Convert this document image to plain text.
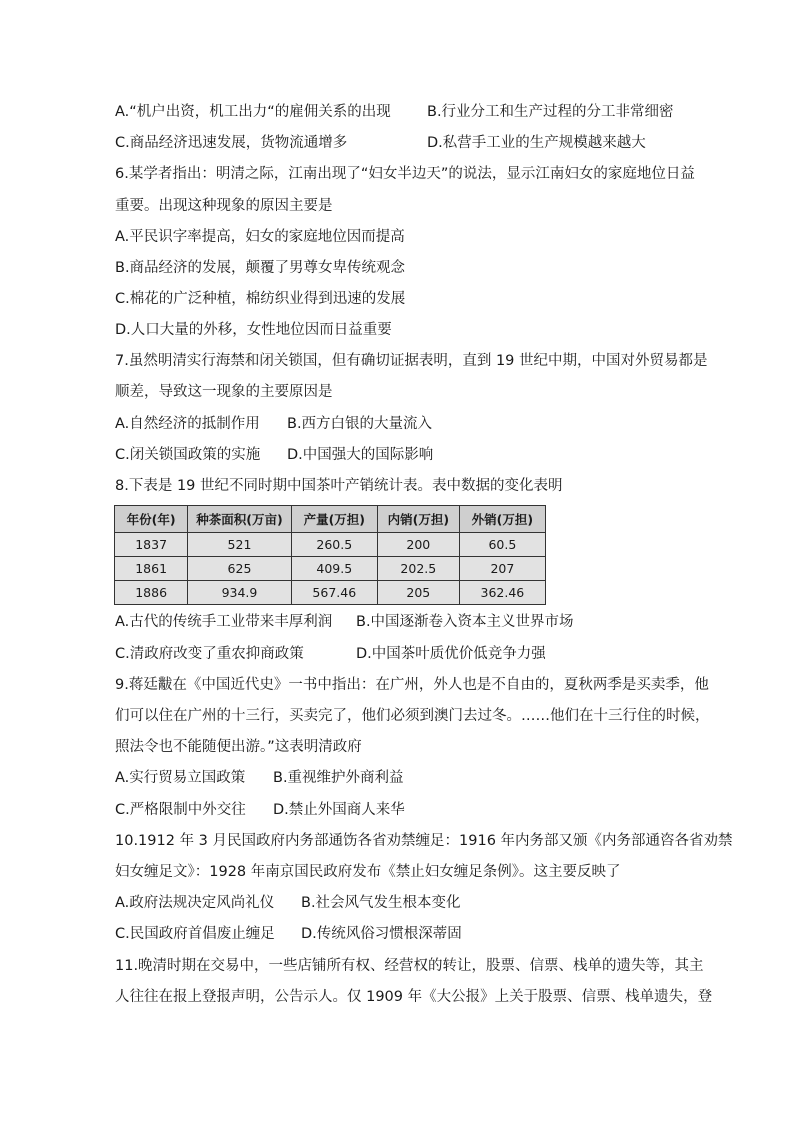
A.“机户出资，机工出力“的雇佣关系的出现 B.行业分工和生产过程的分工非常细密
C.商品经济迅速发展，货物流通增多	D.私营手工业的生产规模越来越大
6.某学者指出：明清之际，江南出现了“妇女半边天”的说法，显示江南妇女的家庭地位日益
重要。出现这种现象的原因主要是
A.平民识字率提高，妇女的家庭地位因而提高
B.商品经济的发展，颠覆了男尊女卑传统观念
C.棉花的广泛种植，棉纺织业得到迅速的发展
D.人口大量的外移，女性地位因而日益重要
7.虽然明清实行海禁和闭关锁国，但有确切证据表明，直到 19 世纪中期，中国对外贸易都是
顺差，导致这一现象的主要原因是
A.自然经济的抵制作用 B.西方白银的大量流入
C.闭关锁国政策的实施 D.中国强大的国际影响
8.下表是 19 世纪不同时期中国茶叶产销统计表。表中数据的变化表明
年份(年)	种茶面积(万亩)	产量(万担)	内销(万担)	外销(万担)
1837	521	260.5	200	60.5
1861	625	409.5	202.5	207
1886	934.9	567.46	205	362.46
A.古代的传统手工业带来丰厚利润 B.中国逐渐卷入资本主义世界市场
C.清政府改变了重农抑商政策	D.中国茶叶质优价低竞争力强
9.蒋廷黻在《中国近代史》一书中指出：在广州，外人也是不自由的，夏秋两季是买卖季，他
们可以住在广州的十三行，买卖完了，他们必须到澳门去过冬。……他们在十三行住的时候，
照法令也不能随便出游。”这表明清政府
A.实行贸易立国政策 B.重视维护外商利益
C.严格限制中外交往 D.禁止外国商人来华
10.1912 年 3 月民国政府内务部通饬各省劝禁缠足：1916 年内务部又颁《内务部通咨各省劝禁
妇女缠足文》：1928 年南京国民政府发布《禁止妇女缠足条例》。这主要反映了
A.政府法规决定风尚礼仪 B.社会风气发生根本变化
C.民国政府首倡废止缠足 D.传统风俗习惯根深蒂固
11.晚清时期在交易中，一些店铺所有权、经营权的转让，股票、信票、栈单的遗失等，其主
人往往在报上登报声明，公告示人。仅 1909 年《大公报》上关于股票、信票、栈单遗失，登
